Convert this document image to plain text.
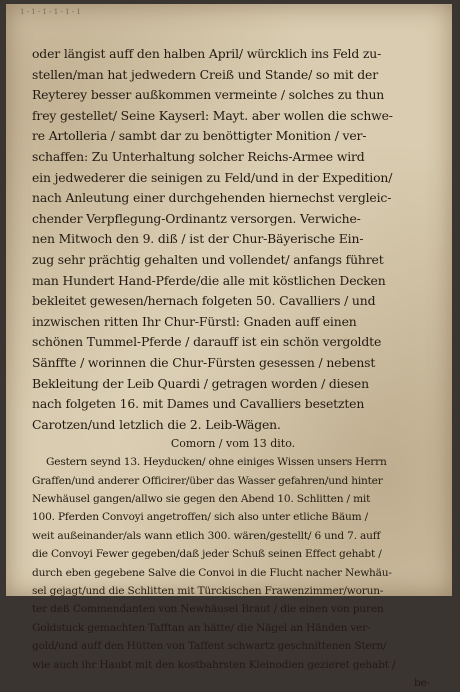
1 - 1 - 1 - 1 - 1 - 1
oder längist auff den halben April/ würcklich ins Feld zu-
stellen/man hat jedwedern Creiß und Stande/ so mit der
Reyterey besser außkommen vermeinte / solches zu thun
frey gestellet/ Seine Kayserl: Mayt. aber wollen die schwe-
re Artolleria / sambt dar zu benöttigter Monition / ver-
schaffen: Zu Unterhaltung solcher Reichs-Armee wird
ein jedwederer die seinigen zu Feld/und in der Expedition/
nach Anleutung einer durchgehenden hiernechst vergleic-
chender Verpflegung-Ordinantz versorgen. Verwiche-
nen Mitwoch den 9. diß / ist der Chur-Bäyerische Ein-
zug sehr prächtig gehalten und vollendet/ anfangs führet
man Hundert Hand-Pferde/die alle mit köstlichen Decken
bekleitet gewesen/hernach folgeten 50. Cavalliers / und
inzwischen ritten Ihr Chur-Fürstl: Gnaden auff einen
schönen Tummel-Pferde / darauff ist ein schön vergoldte
Sänffte / worinnen die Chur-Fürsten gesessen / nebenst
Bekleitung der Leib Quardi / getragen worden / diesen
nach folgeten 16. mit Dames und Cavalliers besetzten
Carotzen/und letzlich die 2. Leib-Wägen.
Comorn / vom 13 dito.
Gestern seynd 13. Heyducken/ ohne einiges Wissen unsers Herrn
Graffen/und anderer Officirer/über das Wasser gefahren/und hinter
Newhäusel gangen/allwo sie gegen den Abend 10. Schlitten / mit
100. Pferden Convoyi angetroffen/ sich also unter etliche Bäum /
weit außeinander/als wann etlich 300. wären/gestellt/ 6 und 7. auff
die Convoyi Fewer gegeben/daß jeder Schuß seinen Effect gehabt /
durch eben gegebene Salve die Convoi in die Flucht nacher Newhäu-
sel gejagt/und die Schlitten mit Türckischen Frawenzimmer/worun-
ter deß Commendanten von Newhäusel Braut / die einen von puren
Goldstuck gemachten Tafftan an hätte/ die Nägel an Händen ver-
gold/und auff den Hütten von Taffent schwartz geschnittenen Stern/
wie auch ihr Haubt mit den kostbahrsten Kleinodien gezieret gehabt /
be-
